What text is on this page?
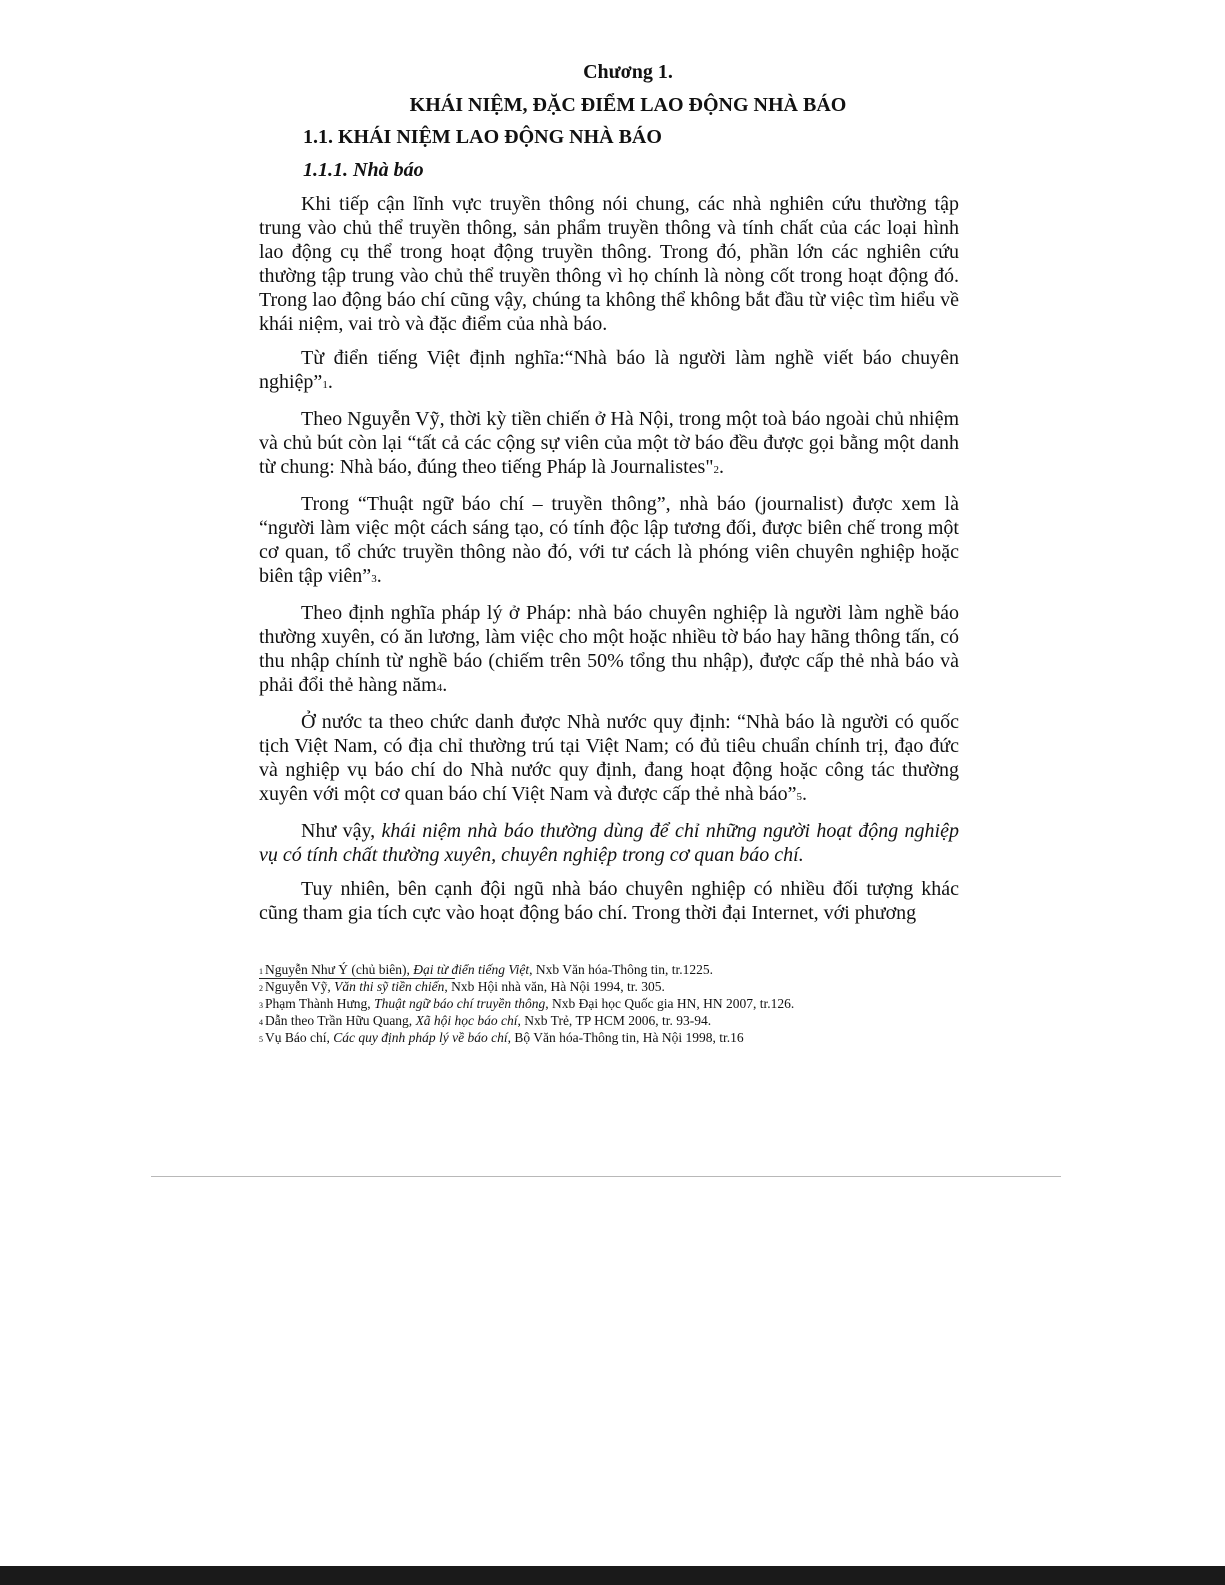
Chương 1.
KHÁI NIỆM, ĐẶC ĐIỂM LAO ĐỘNG NHÀ BÁO
1.1. KHÁI NIỆM LAO ĐỘNG NHÀ BÁO
1.1.1. Nhà báo

Khi tiếp cận lĩnh vực truyền thông nói chung, các nhà nghiên cứu thường tập trung vào chủ thể truyền thông, sản phẩm truyền thông và tính chất của các loại hình lao động cụ thể trong hoạt động truyền thông. Trong đó, phần lớn các nghiên cứu thường tập trung vào chủ thể truyền thông vì họ chính là nòng cốt trong hoạt động đó. Trong lao động báo chí cũng vậy, chúng ta không thể không bắt đầu từ việc tìm hiểu về khái niệm, vai trò và đặc điểm của nhà báo.

Từ điển tiếng Việt định nghĩa:“Nhà báo là người làm nghề viết báo chuyên nghiệp”1.

Theo Nguyễn Vỹ, thời kỳ tiền chiến ở Hà Nội, trong một toà báo ngoài chủ nhiệm và chủ bút còn lại “tất cả các cộng sự viên của một tờ báo đều được gọi bằng một danh từ chung: Nhà báo, đúng theo tiếng Pháp là Journalistes"2.

Trong “Thuật ngữ báo chí – truyền thông”, nhà báo (journalist) được xem là “người làm việc một cách sáng tạo, có tính độc lập tương đối, được biên chế trong một cơ quan, tổ chức truyền thông nào đó, với tư cách là phóng viên chuyên nghiệp hoặc biên tập viên”3.

Theo định nghĩa pháp lý ở Pháp: nhà báo chuyên nghiệp là người làm nghề báo thường xuyên, có ăn lương, làm việc cho một hoặc nhiều tờ báo hay hãng thông tấn, có thu nhập chính từ nghề báo (chiếm trên 50% tổng thu nhập), được cấp thẻ nhà báo và phải đổi thẻ hàng năm4.

Ở nước ta theo chức danh được Nhà nước quy định: “Nhà báo là người có quốc tịch Việt Nam, có địa chỉ thường trú tại Việt Nam; có đủ tiêu chuẩn chính trị, đạo đức và nghiệp vụ báo chí do Nhà nước quy định, đang hoạt động hoặc công tác thường xuyên với một cơ quan báo chí Việt Nam và được cấp thẻ nhà báo”5.

Như vậy, khái niệm nhà báo thường dùng để chỉ những người hoạt động nghiệp vụ có tính chất thường xuyên, chuyên nghiệp trong cơ quan báo chí.

Tuy nhiên, bên cạnh đội ngũ nhà báo chuyên nghiệp có nhiều đối tượng khác cũng tham gia tích cực vào hoạt động báo chí. Trong thời đại Internet, với phương

1 Nguyễn Như Ý (chủ biên), Đại từ điển tiếng Việt, Nxb Văn hóa-Thông tin, tr.1225.
2 Nguyễn Vỹ, Văn thi sỹ tiền chiến, Nxb Hội nhà văn, Hà Nội 1994, tr. 305.
3 Phạm Thành Hưng, Thuật ngữ báo chí truyền thông, Nxb Đại học Quốc gia HN, HN 2007, tr.126.
4 Dẫn theo Trần Hữu Quang, Xã hội học báo chí, Nxb Trẻ, TP HCM 2006, tr. 93-94.
5 Vụ Báo chí, Các quy định pháp lý về báo chí, Bộ Văn hóa-Thông tin, Hà Nội 1998, tr.16
